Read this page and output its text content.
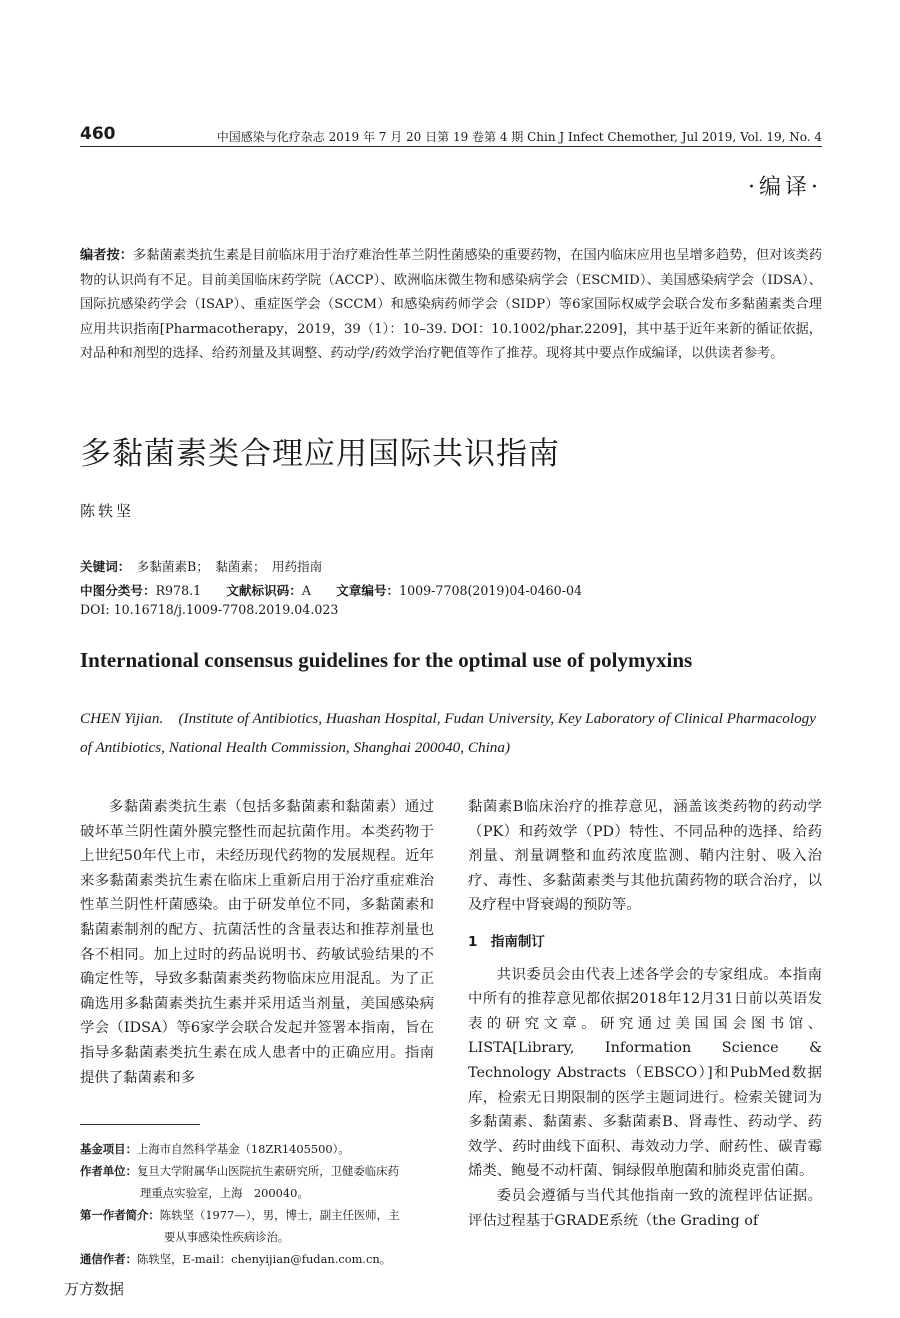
460	中国感染与化疗杂志 2019 年 7 月 20 日第 19 卷第 4 期 Chin J Infect Chemother, Jul 2019, Vol. 19, No. 4
·编译·
编者按：多黏菌素类抗生素是目前临床用于治疗难治性革兰阴性菌感染的重要药物，在国内临床应用也呈增多趋势，但对该类药物的认识尚有不足。目前美国临床药学院（ACCP）、欧洲临床微生物和感染病学会（ESCMID）、美国感染病学会（IDSA）、国际抗感染药学会（ISAP）、重症医学会（SCCM）和感染病药师学会（SIDP）等6家国际权威学会联合发布多黏菌素类合理应用共识指南[Pharmacotherapy，2019，39（1）：10–39. DOI：10.1002/phar.2209]，其中基于近年来新的循证依据，对品种和剂型的选择、给药剂量及其调整、药动学/药效学治疗靶值等作了推荐。现将其中要点作成编译，以供读者参考。
多黏菌素类合理应用国际共识指南
陈轶坚
关键词：　 多黏菌素B；　黏菌素；　用药指南
中图分类号：R978.1　　 文献标识码：A　　 文章编号：1009-7708(2019)04-0460-04
DOI: 10.16718/j.1009-7708.2019.04.023
International consensus guidelines for the optimal use of polymyxins
CHEN Yijian.　(Institute of Antibiotics, Huashan Hospital, Fudan University, Key Laboratory of Clinical Pharmacology of Antibiotics, National Health Commission, Shanghai 200040, China)

多黏菌素类抗生素（包括多黏菌素和黏菌素）通过破坏革兰阴性菌外膜完整性而起抗菌作用。本类药物于上世纪50年代上市，未经历现代药物的发展规程。近年来多黏菌素类抗生素在临床上重新启用于治疗重症难治性革兰阴性杆菌感染。由于研发单位不同，多黏菌素和黏菌素制剂的配方、抗菌活性的含量表达和推荐剂量也各不相同。加上过时的药品说明书、药敏试验结果的不确定性等，导致多黏菌素类药物临床应用混乱。为了正确选用多黏菌素类抗生素并采用适当剂量，美国感染病学会（IDSA）等6家学会联合发起并签署本指南，旨在指导多黏菌素类抗生素在成人患者中的正确应用。指南提供了黏菌素和多

黏菌素B临床治疗的推荐意见，涵盖该类药物的药动学（PK）和药效学（PD）特性、不同品种的选择、给药剂量、剂量调整和血药浓度监测、鞘内注射、吸入治疗、毒性、多黏菌素类与其他抗菌药物的联合治疗，以及疗程中肾衰竭的预防等。

1　指南制订

共识委员会由代表上述各学会的专家组成。本指南中所有的推荐意见都依据2018年12月31日前以英语发表的研究文章。研究通过美国国会图书馆、LISTA[Library, Information Science & Technology Abstracts（EBSCO）]和PubMed数据库，检索无日期限制的医学主题词进行。检索关键词为多黏菌素、黏菌素、多黏菌素B、肾毒性、药动学、药效学、药时曲线下面积、毒效动力学、耐药性、碳青霉烯类、鲍曼不动杆菌、铜绿假单胞菌和肺炎克雷伯菌。

委员会遵循与当代其他指南一致的流程评估证据。评估过程基于GRADE系统（the Grading of

基金项目：上海市自然科学基金（18ZR1405500）。
作者单位：复旦大学附属华山医院抗生素研究所，卫健委临床药
理重点实验室，上海　200040。
第一作者简介：陈轶坚（1977—），男，博士，副主任医师，主
要从事感染性疾病诊治。
通信作者：陈轶坚，E-mail：chenyijian@fudan.com.cn。
万方数据
